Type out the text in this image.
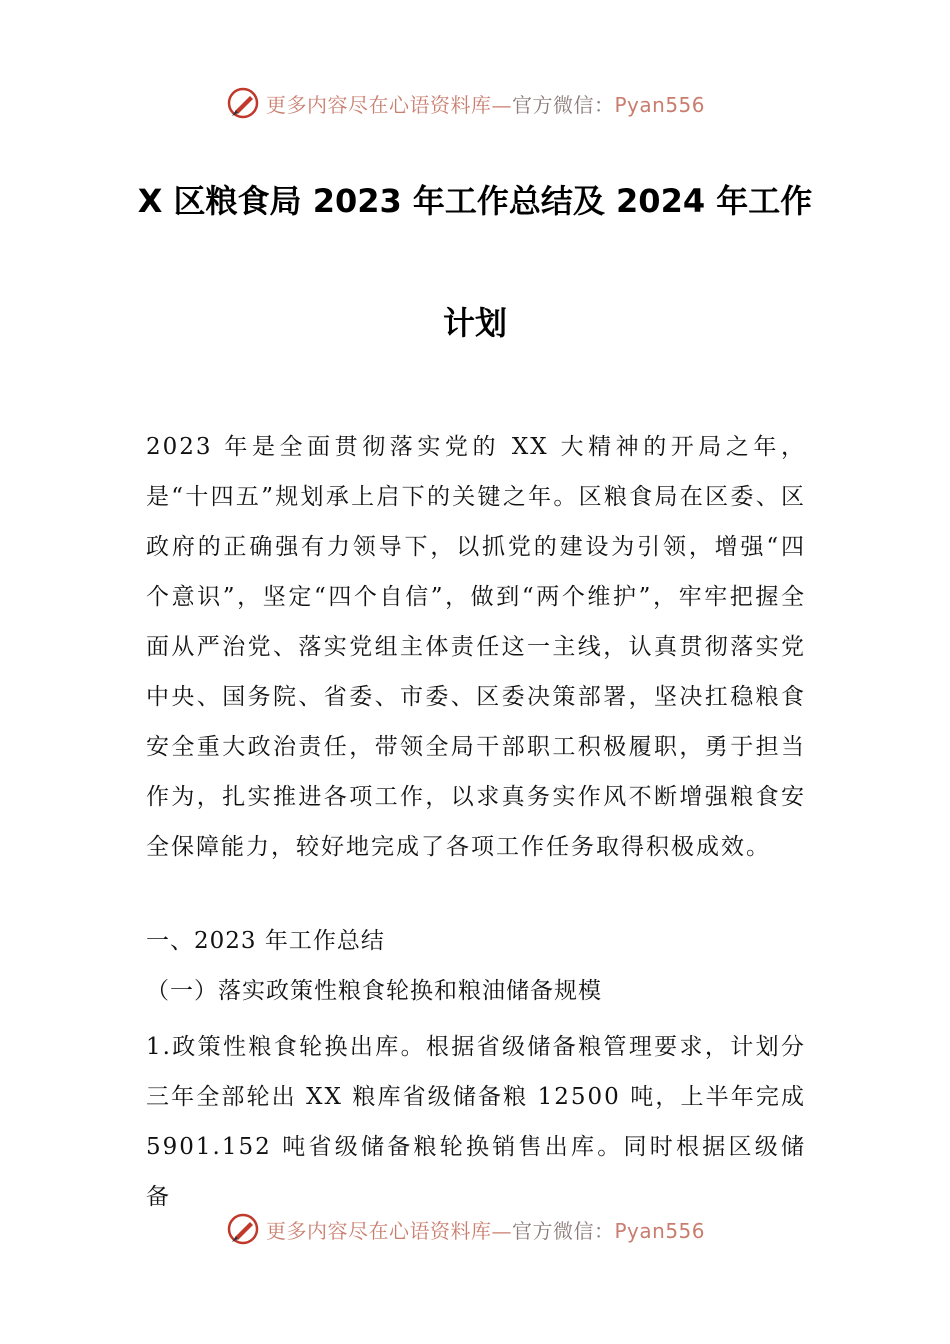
更多内容尽在心语资料库—官方微信：Pyan556
X 区粮食局 2023 年工作总结及 2024 年工作
计划
2023 年是全面贯彻落实党的 XX 大精神的开局之年，是“十四五”规划承上启下的关键之年。区粮食局在区委、区政府的正确强有力领导下，以抓党的建设为引领，增强“四个意识”，坚定“四个自信”，做到“两个维护”，牢牢把握全面从严治党、落实党组主体责任这一主线，认真贯彻落实党中央、国务院、省委、市委、区委决策部署，坚决扛稳粮食安全重大政治责任，带领全局干部职工积极履职，勇于担当作为，扎实推进各项工作，以求真务实作风不断增强粮食安全保障能力，较好地完成了各项工作任务取得积极成效。
一、2023 年工作总结
（一）落实政策性粮食轮换和粮油储备规模
1.政策性粮食轮换出库。根据省级储备粮管理要求，计划分三年全部轮出 XX 粮库省级储备粮 12500 吨，上半年完成 5901.152 吨省级储备粮轮换销售出库。同时根据区级储备
更多内容尽在心语资料库—官方微信：Pyan556
